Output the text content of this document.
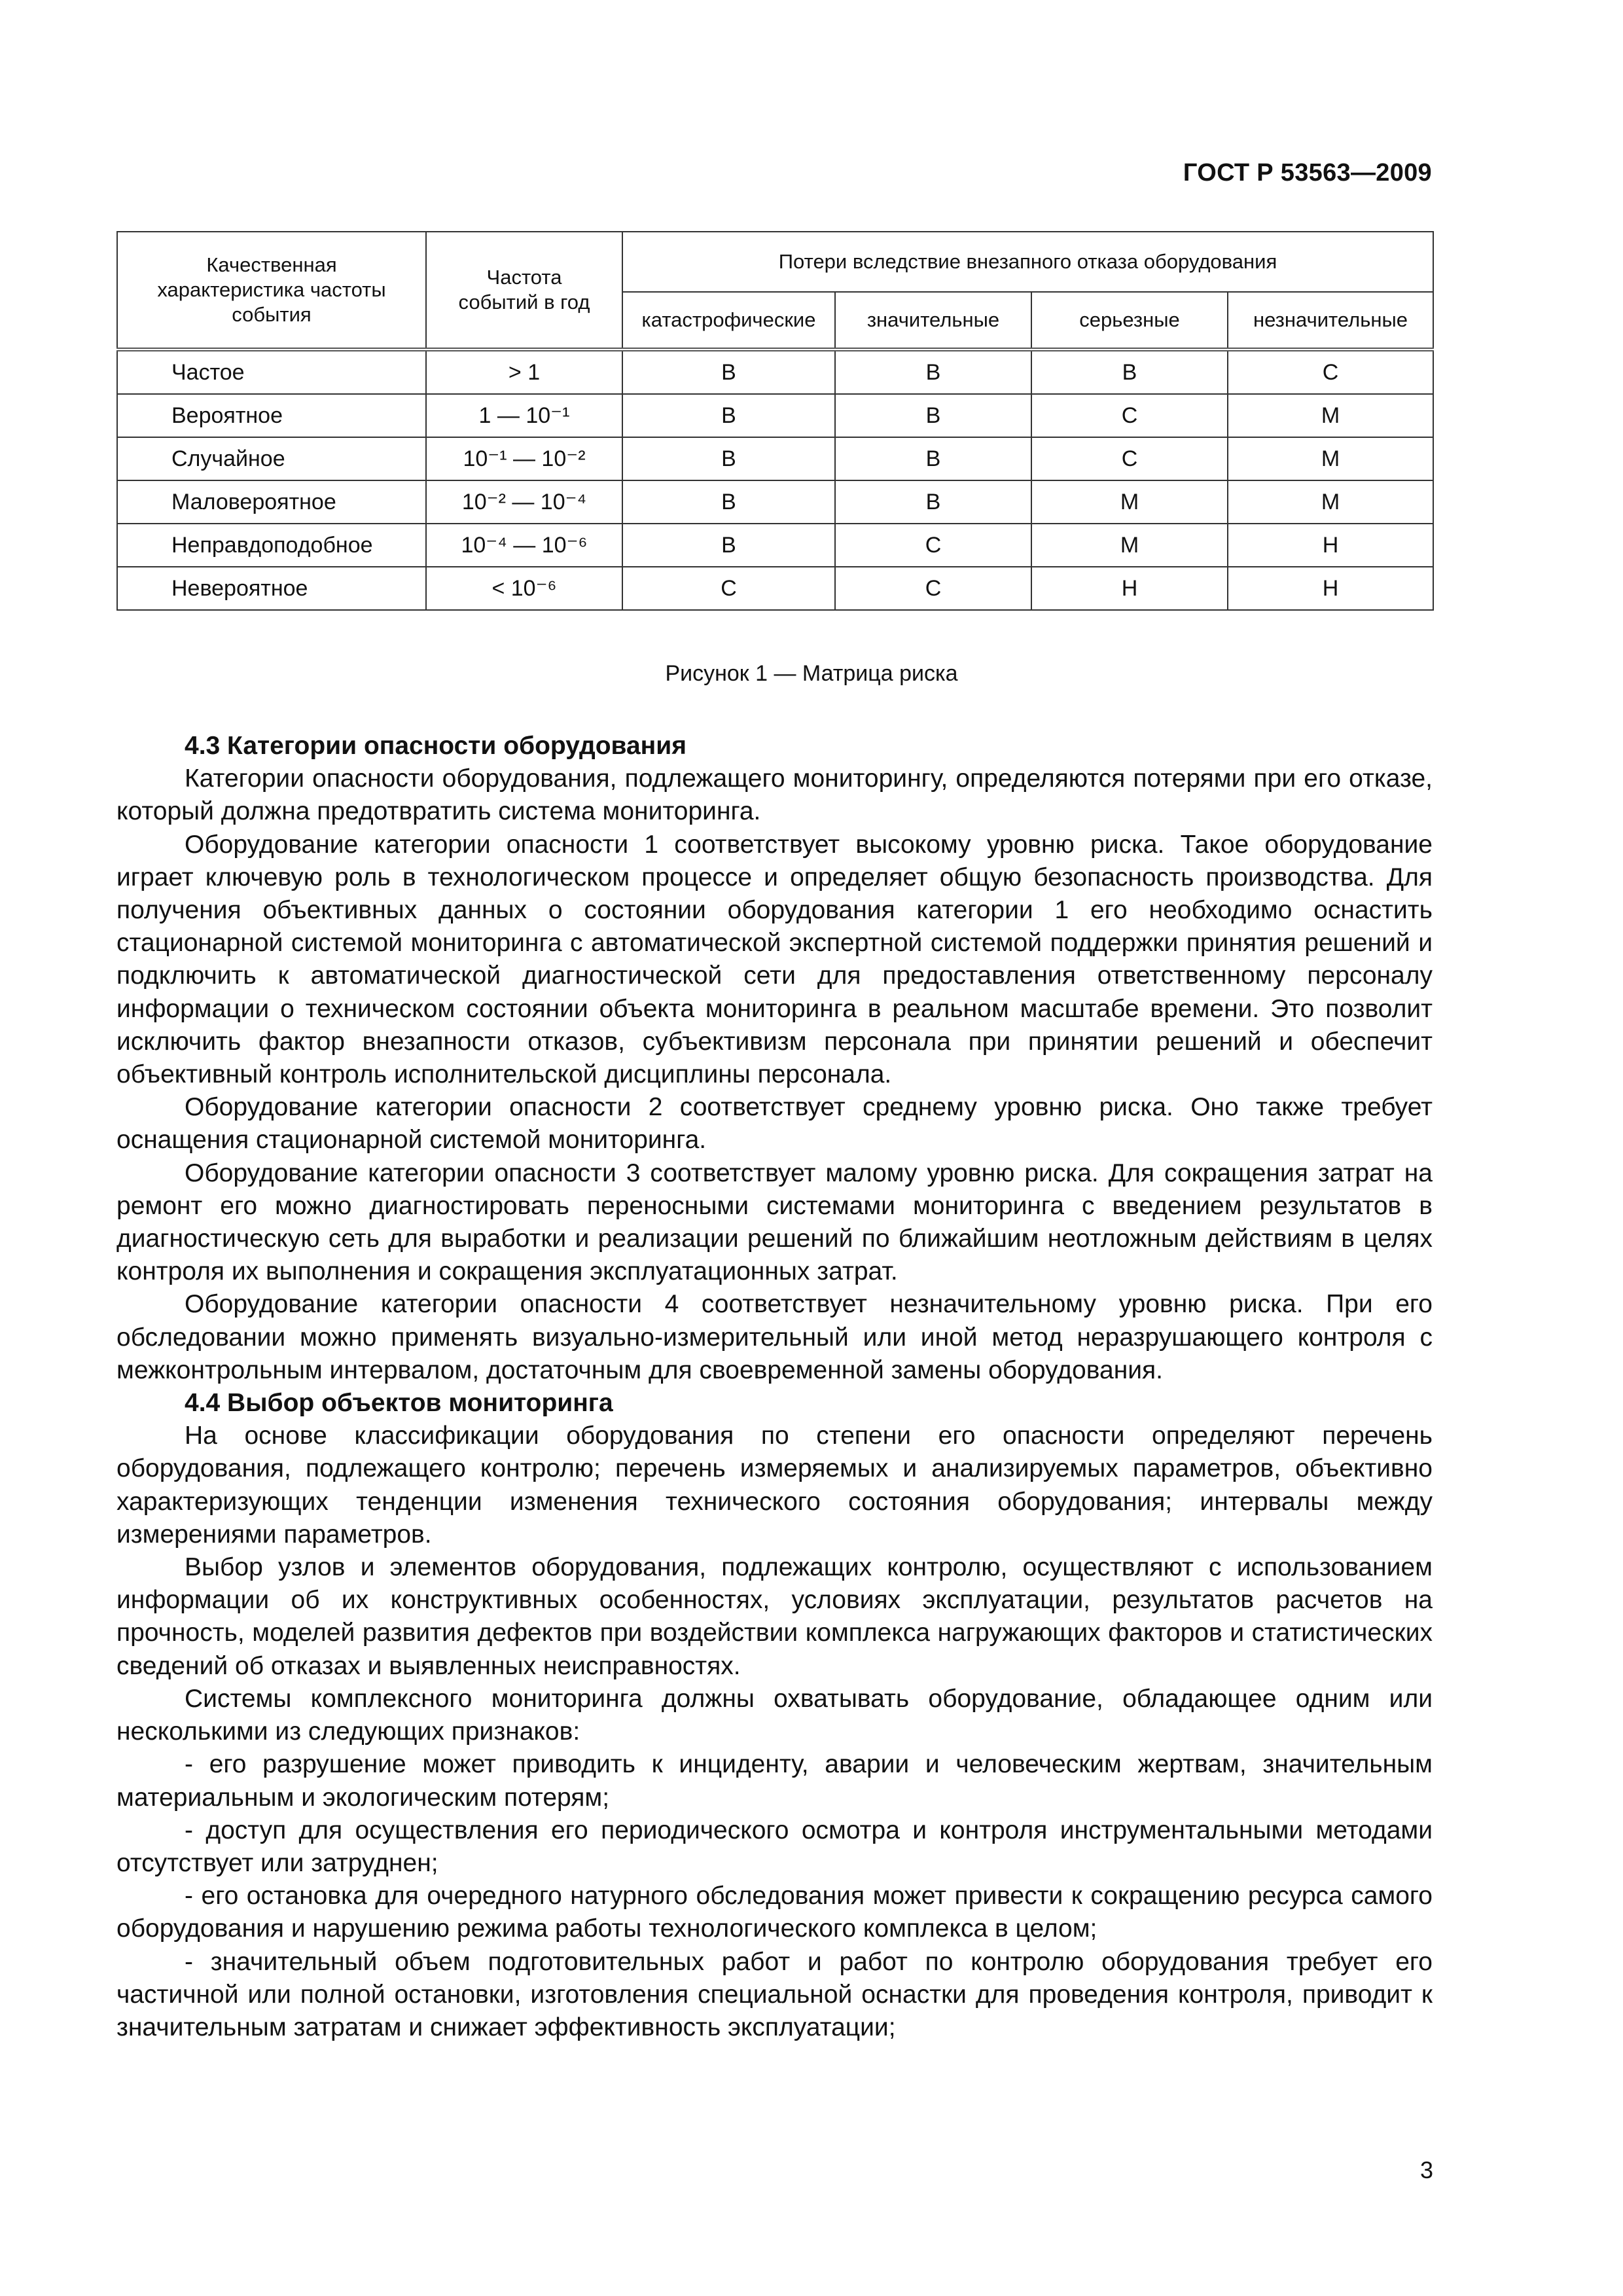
ГОСТ Р 53563—2009
Качественная характеристика частоты события	Частота событий в год	Потери вследствие внезапного отказа оборудования			
		катастрофические	значительные	серьезные	незначительные
Частое	> 1	В	В	В	С
Вероятное	1 — 10⁻¹	В	В	С	М
Случайное	10⁻¹ — 10⁻²	В	В	С	М
Маловероятное	10⁻² — 10⁻⁴	В	В	М	М
Неправдоподобное	10⁻⁴ — 10⁻⁶	В	С	М	Н
Невероятное	< 10⁻⁶	С	С	Н	Н
Рисунок 1 — Матрица риска
4.3 Категории опасности оборудования

Категории опасности оборудования, подлежащего мониторингу, определяются потерями при его отказе, который должна предотвратить система мониторинга.

Оборудование категории опасности 1 соответствует высокому уровню риска. Такое оборудование играет ключевую роль в технологическом процессе и определяет общую безопасность производства. Для получения объективных данных о состоянии оборудования категории 1 его необходимо оснастить стационарной системой мониторинга с автоматической экспертной системой поддержки принятия решений и подключить к автоматической диагностической сети для предоставления ответственному персоналу информации о техническом состоянии объекта мониторинга в реальном масштабе времени. Это позволит исключить фактор внезапности отказов, субъективизм персонала при принятии решений и обеспечит объективный контроль исполнительской дисциплины персонала.

Оборудование категории опасности 2 соответствует среднему уровню риска. Оно также требует оснащения стационарной системой мониторинга.

Оборудование категории опасности 3 соответствует малому уровню риска. Для сокращения затрат на ремонт его можно диагностировать переносными системами мониторинга с введением результатов в диагностическую сеть для выработки и реализации решений по ближайшим неотложным действиям в целях контроля их выполнения и сокращения эксплуатационных затрат.

Оборудование категории опасности 4 соответствует незначительному уровню риска. При его обследовании можно применять визуально-измерительный или иной метод неразрушающего контроля с межконтрольным интервалом, достаточным для своевременной замены оборудования.

4.4 Выбор объектов мониторинга

На основе классификации оборудования по степени его опасности определяют перечень оборудования, подлежащего контролю; перечень измеряемых и анализируемых параметров, объективно характеризующих тенденции изменения технического состояния оборудования; интервалы между измерениями параметров.

Выбор узлов и элементов оборудования, подлежащих контролю, осуществляют с использованием информации об их конструктивных особенностях, условиях эксплуатации, результатов расчетов на прочность, моделей развития дефектов при воздействии комплекса нагружающих факторов и статистических сведений об отказах и выявленных неисправностях.

Системы комплексного мониторинга должны охватывать оборудование, обладающее одним или несколькими из следующих признаков:

- его разрушение может приводить к инциденту, аварии и человеческим жертвам, значительным материальным и экологическим потерям;

- доступ для осуществления его периодического осмотра и контроля инструментальными методами отсутствует или затруднен;

- его остановка для очередного натурного обследования может привести к сокращению ресурса самого оборудования и нарушению режима работы технологического комплекса в целом;

- значительный объем подготовительных работ и работ по контролю оборудования требует его частичной или полной остановки, изготовления специальной оснастки для проведения контроля, приводит к значительным затратам и снижает эффективность эксплуатации;

3
